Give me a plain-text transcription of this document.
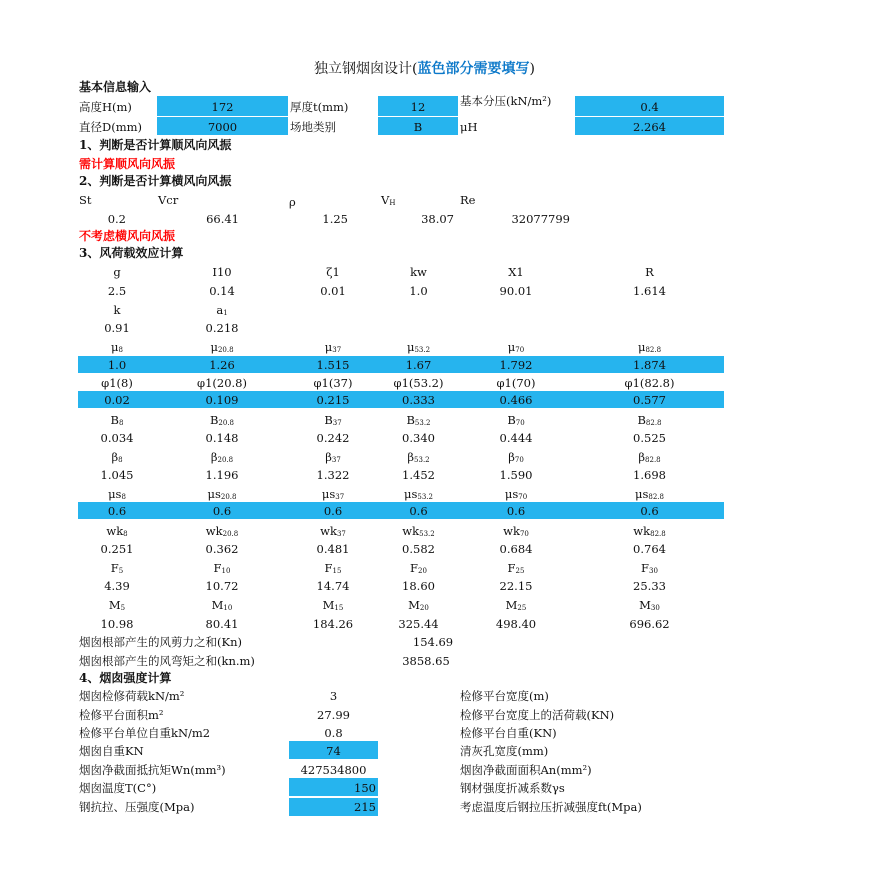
独立钢烟囱设计(蓝色部分需要填写)
基本信息输入
高度H(m)	172	厚度t(mm)	12	基本分压(kN/m²)	0.4
直径D(mm)	7000	场地类别	B	μH	2.264
1、判断是否计算顺风向风振
需计算顺风向风振
2、判断是否计算横风向风振
St	Vcr	ρ	$V_H$	Re
0.2	66.41	1.25	38.07	32077799
不考虑横风向风振
3、风荷载效应计算
g	I10	ζ1	kw	X1	R
2.5	0.14	0.01	1.0	90.01	1.614
k	$a_1$
0.91	0.218
$\mu_8$	$\mu_{20.8}$	$\mu_{37}$	$\mu_{53.2}$	$\mu_{70}$	$\mu_{82.8}$
1.0	1.26	1.515	1.67	1.792	1.874
φ1(8)	φ1(20.8)	φ1(37)	φ1(53.2)	φ1(70)	φ1(82.8)
0.02	0.109	0.215	0.333	0.466	0.577
$B_8$	$B_{20.8}$	$B_{37}$	$B_{53.2}$	$B_{70}$	$B_{82.8}$
0.034	0.148	0.242	0.340	0.444	0.525
$\beta_8$	$\beta_{20.8}$	$\beta_{37}$	$\beta_{53.2}$	$\beta_{70}$	$\beta_{82.8}$
1.045	1.196	1.322	1.452	1.590	1.698
$\mu s_8$	$\mu s_{20.8}$	$\mu s_{37}$	$\mu s_{53.2}$	$\mu s_{70}$	$\mu s_{82.8}$
0.6	0.6	0.6	0.6	0.6	0.6
$wk_8$	$wk_{20.8}$	$wk_{37}$	$wk_{53.2}$	$wk_{70}$	$wk_{82.8}$
0.251	0.362	0.481	0.582	0.684	0.764
$F_5$	$F_{10}$	$F_{15}$	$F_{20}$	$F_{25}$	$F_{30}$
4.39	10.72	14.74	18.60	22.15	25.33
$M_5$	$M_{10}$	$M_{15}$	$M_{20}$	$M_{25}$	$M_{30}$
10.98	80.41	184.26	325.44	498.40	696.62
烟囱根部产生的风剪力之和(Kn)	154.69
烟囱根部产生的风弯矩之和(kn.m)	3858.65
4、烟囱强度计算
烟囱检修荷载kN/m²	3	检修平台宽度(m)
检修平台面积m²	27.99	检修平台宽度上的活荷载(KN)
检修平台单位自重kN/m2	0.8	检修平台自重(KN)
烟囱自重KN	74	清灰孔宽度(mm)
烟囱净截面抵抗矩Wn(mm³)	427534800	烟囱净截面面积An(mm²)
烟囱温度T(C°)	150	钢材强度折减系数γs
钢抗拉、压强度(Mpa)	215	考虑温度后钢拉压折减强度ft(Mpa)
